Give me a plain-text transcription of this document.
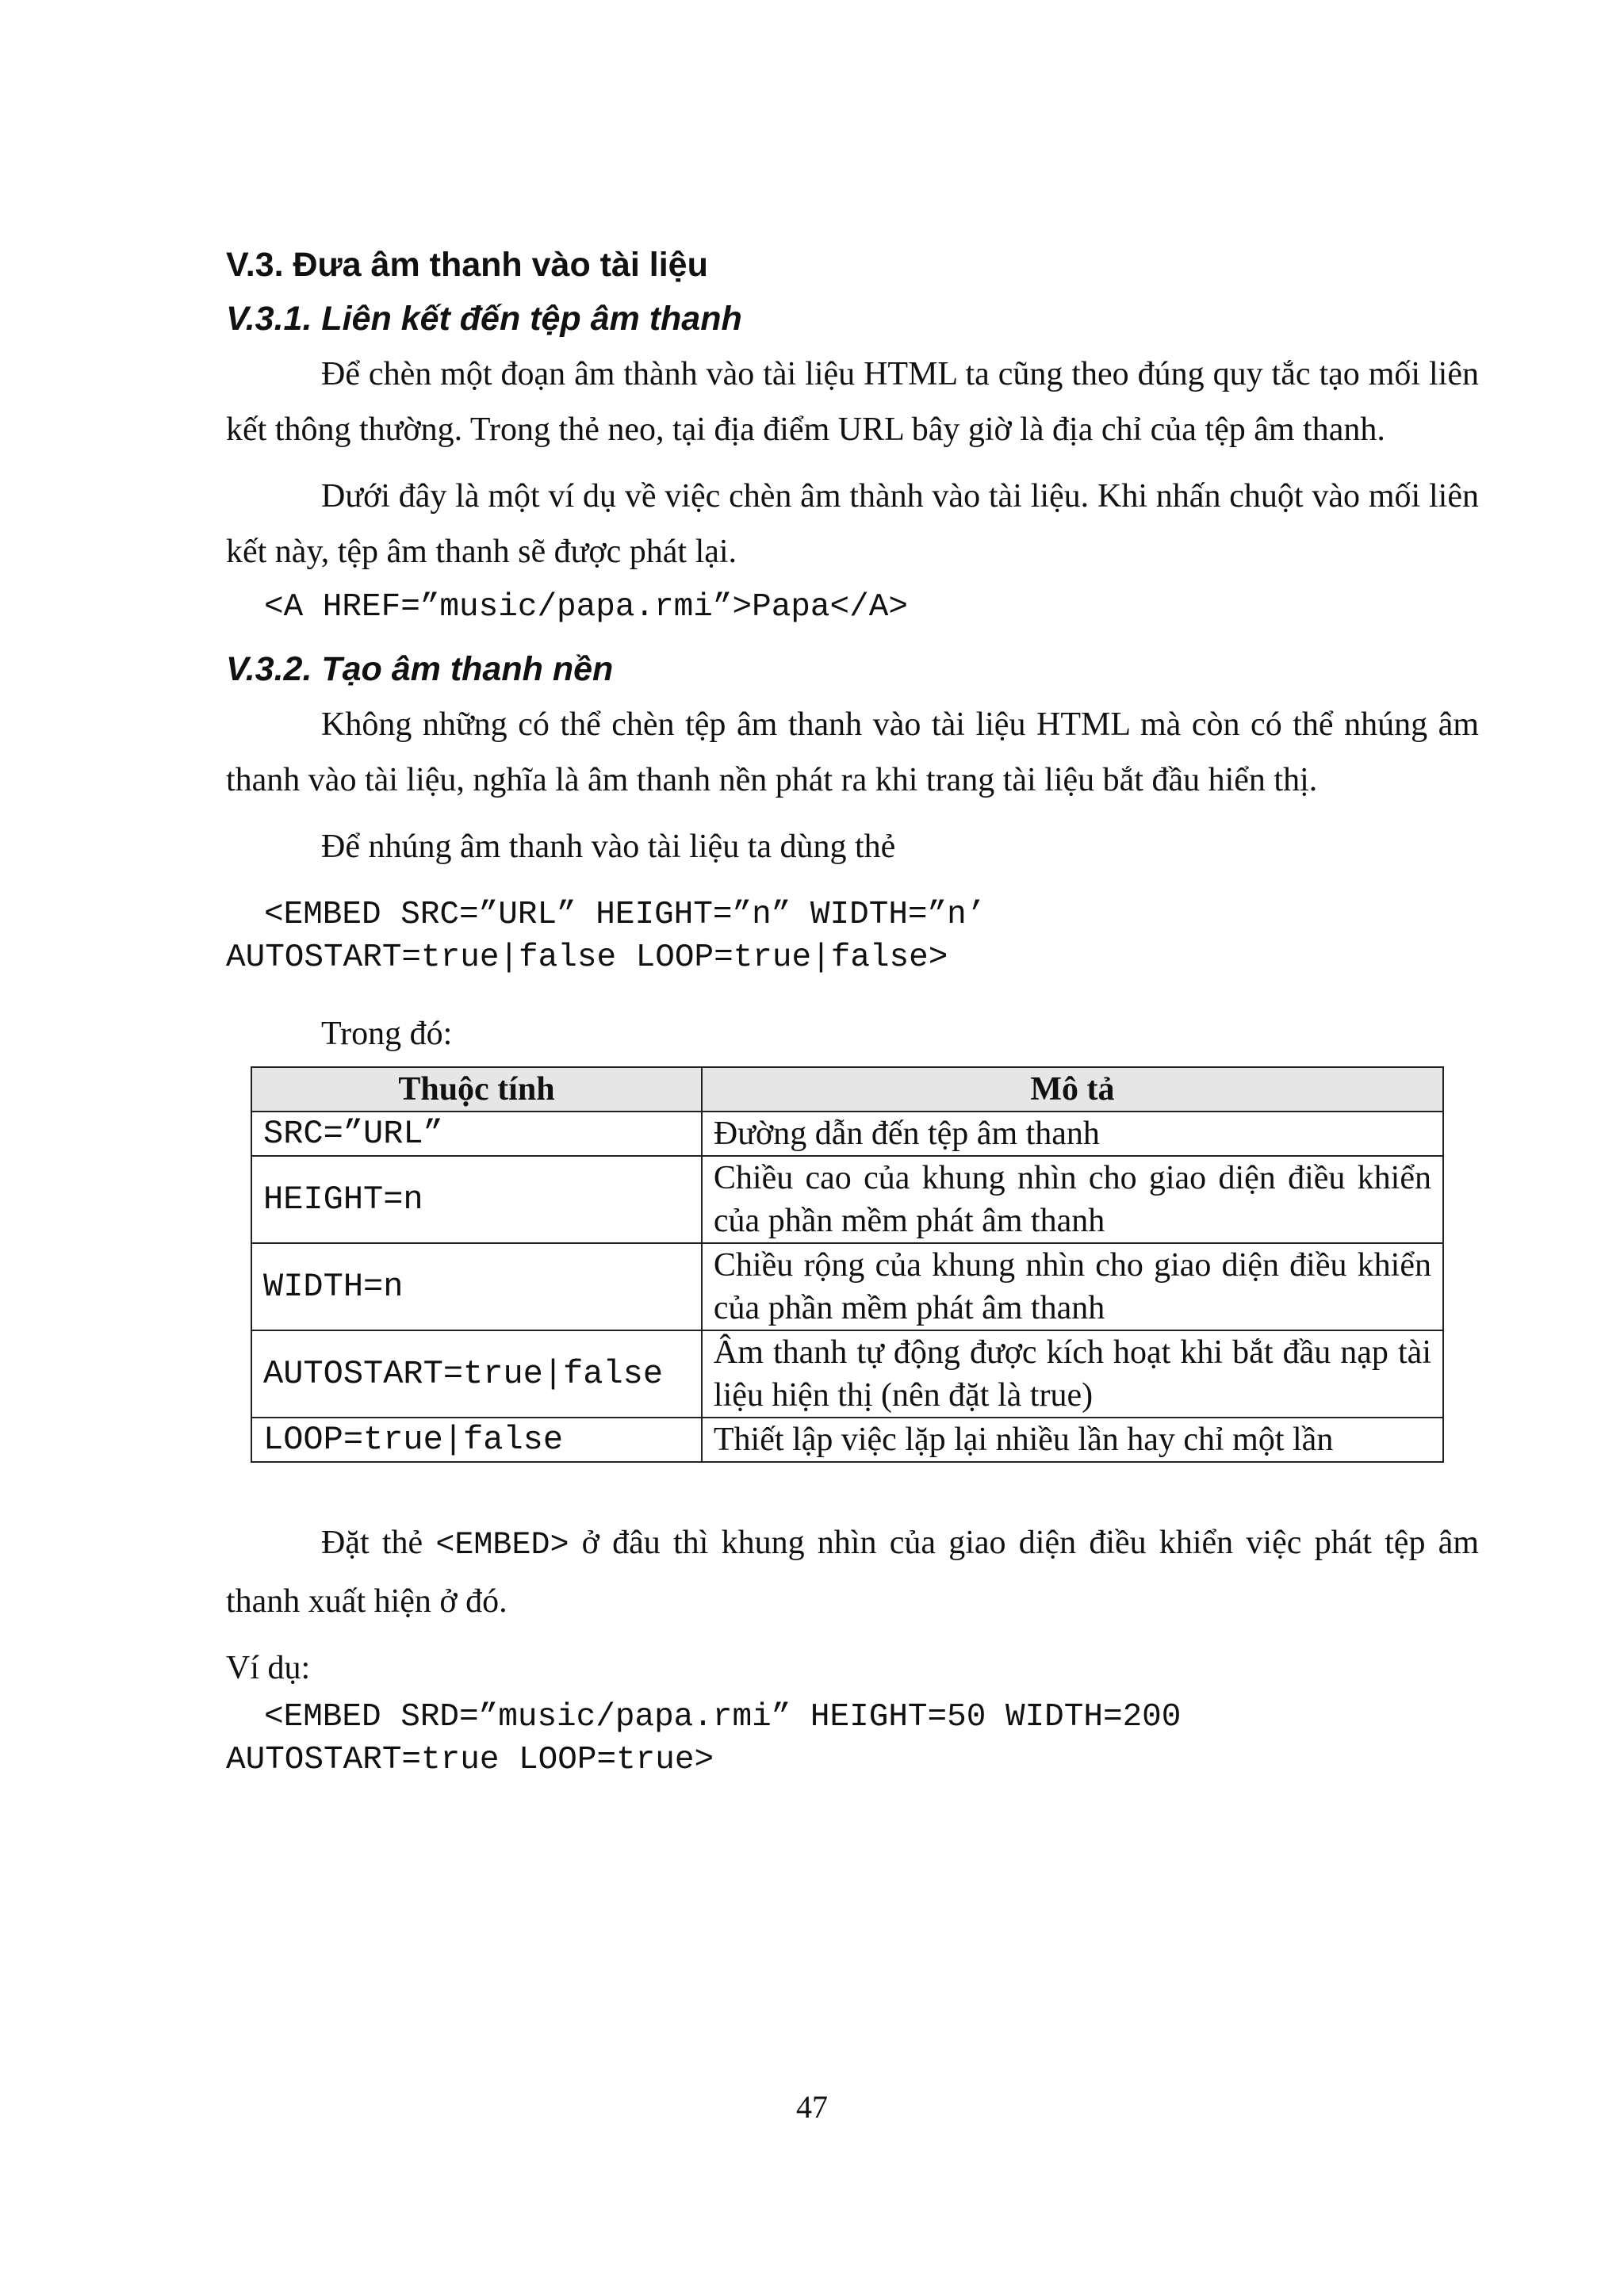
V.3. Đưa âm thanh vào tài liệu
V.3.1. Liên kết đến tệp âm thanh

Để chèn một đoạn âm thành vào tài liệu HTML ta cũng theo đúng quy tắc tạo mối liên kết thông thường. Trong thẻ neo, tại địa điểm URL bây giờ là địa chỉ của tệp âm thanh.

Dưới đây là một ví dụ về việc chèn âm thành vào tài liệu. Khi nhấn chuột vào mối liên kết này, tệp âm thanh sẽ được phát lại.

<A HREF=”music/papa.rmi”>Papa</A>
V.3.2. Tạo âm thanh nền

Không những có thể chèn tệp âm thanh vào tài liệu HTML mà còn có thể nhúng âm thanh vào tài liệu, nghĩa là âm thanh nền phát ra khi trang tài liệu bắt đầu hiển thị.

Để nhúng âm thanh vào tài liệu ta dùng thẻ

<EMBED SRC=”URL” HEIGHT=”n” WIDTH=”n’
AUTOSTART=true|false LOOP=true|false>

Trong đó:

Thuộc tính	Mô tả
SRC=”URL”	Đường dẫn đến tệp âm thanh
HEIGHT=n	Chiều cao của khung nhìn cho giao diện điều khiển của phần mềm phát âm thanh
WIDTH=n	Chiều rộng của khung nhìn cho giao diện điều khiển của phần mềm phát âm thanh
AUTOSTART=true|false	Âm thanh tự động được kích hoạt khi bắt đầu nạp tài liệu hiện thị (nên đặt là true)
LOOP=true|false	Thiết lập việc lặp lại nhiều lần hay chỉ một lần

Đặt thẻ <EMBED> ở đâu thì khung nhìn của giao diện điều khiển việc phát tệp âm thanh xuất hiện ở đó.

Ví dụ:

<EMBED SRD=”music/papa.rmi” HEIGHT=50 WIDTH=200
AUTOSTART=true LOOP=true>
47
